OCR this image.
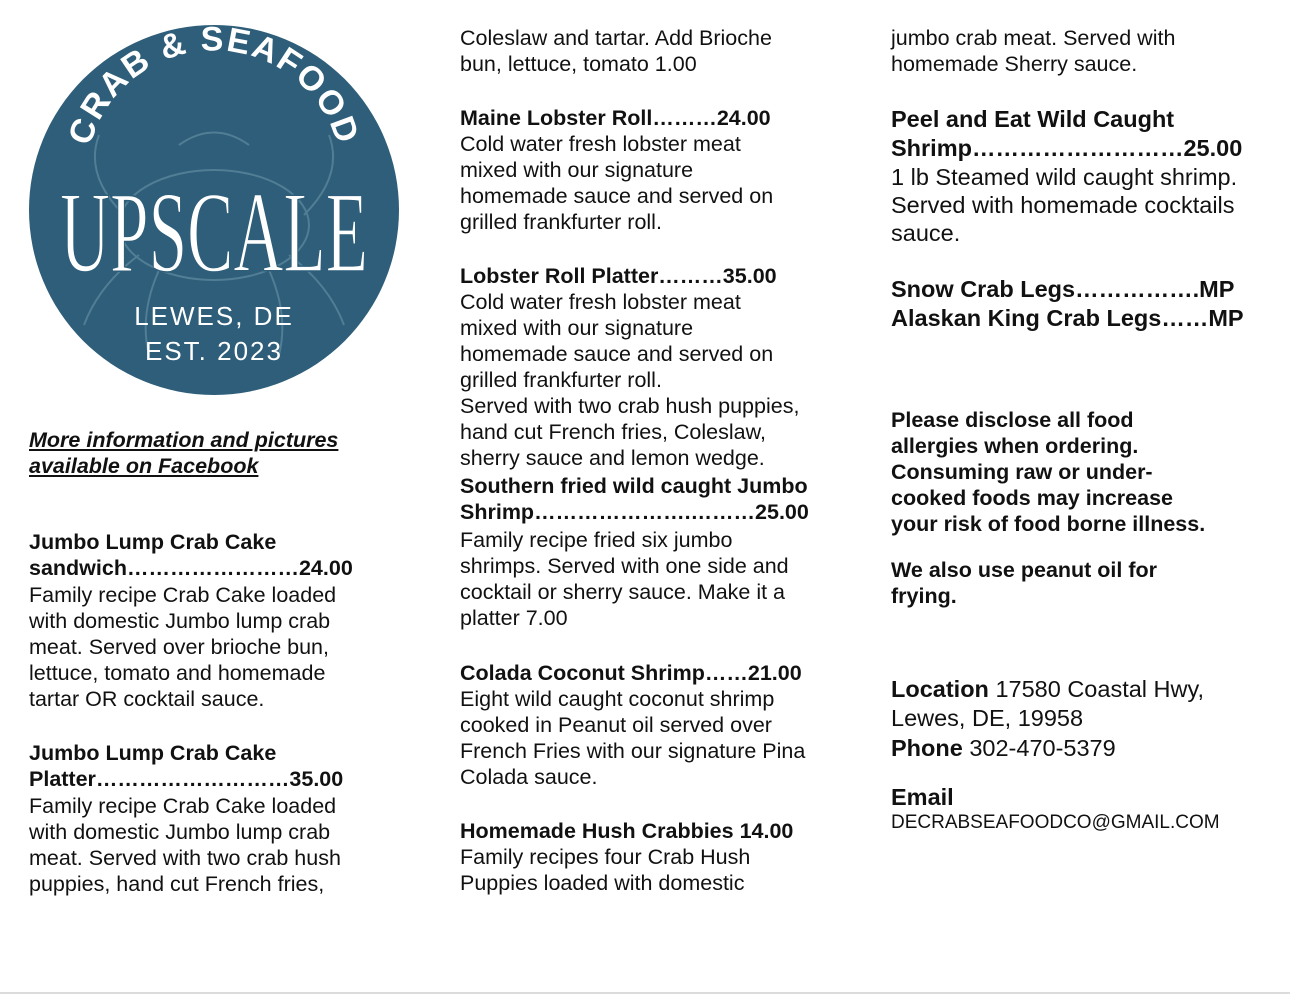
CRAB & SEAFOOD
UPSCALE
LEWES, DE
EST. 2023

More information and pictures
available on Facebook

Jumbo Lump Crab Cake
sandwich……………………24.00

Family recipe Crab Cake loaded
with domestic Jumbo lump crab
meat. Served over brioche bun,
lettuce, tomato and homemade
tartar OR cocktail sauce.

Jumbo Lump Crab Cake
Platter………………………35.00

Family recipe Crab Cake loaded
with domestic Jumbo lump crab
meat. Served with two crab hush
puppies, hand cut French fries,

Coleslaw and tartar. Add Brioche
bun, lettuce, tomato 1.00

Maine Lobster Roll………24.00

Cold water fresh lobster meat
mixed with our signature
homemade sauce and served on
grilled frankfurter roll.

Lobster Roll Platter………35.00

Cold water fresh lobster meat
mixed with our signature
homemade sauce and served on
grilled frankfurter roll.
Served with two crab hush puppies,
hand cut French fries, Coleslaw,
sherry sauce and lemon wedge.

Southern fried wild caught Jumbo
Shrimp………………….………25.00

Family recipe fried six jumbo
shrimps. Served with one side and
cocktail or sherry sauce. Make it a
platter 7.00

Colada Coconut Shrimp……21.00

Eight wild caught coconut shrimp
cooked in Peanut oil served over
French Fries with our signature Pina
Colada sauce.

Homemade Hush Crabbies 14.00

Family recipes four Crab Hush
Puppies loaded with domestic

jumbo crab meat. Served with
homemade Sherry sauce.

Peel and Eat Wild Caught
Shrimp………………………25.00

1 lb Steamed wild caught shrimp.
Served with homemade cocktails
sauce.

Snow Crab Legs…………….MP

Alaskan King Crab Legs……MP

Please disclose all food
allergies when ordering.
Consuming raw or under-
cooked foods may increase
your risk of food borne illness.

We also use peanut oil for
frying.

Location 17580 Coastal Hwy,
Lewes, DE, 19958

Phone 302-470-5379

Email

DECRABSEAFOODCO@GMAIL.COM
